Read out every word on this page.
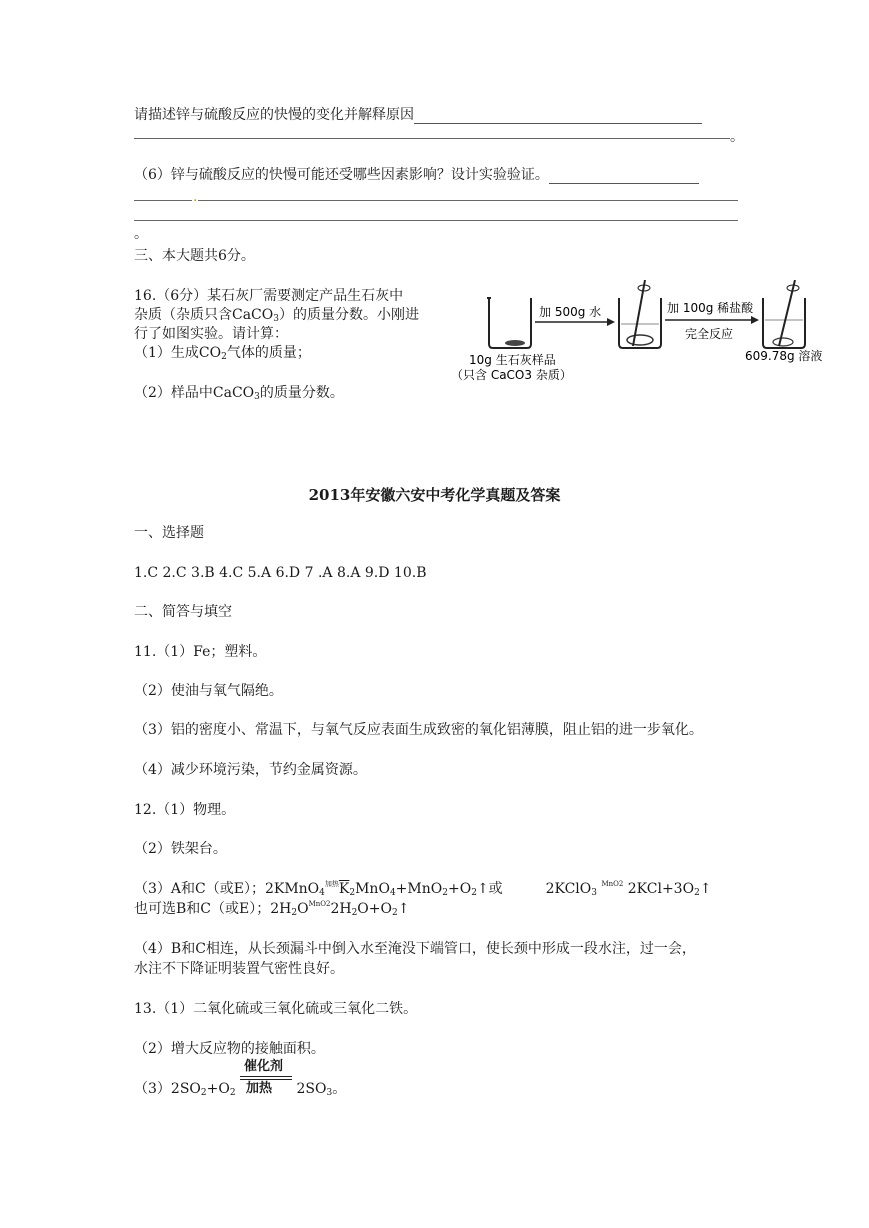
请描述锌与硫酸反应的快慢的变化并解释原因
。
（6）锌与硫酸反应的快慢可能还受哪些因素影响？设计实验验证。
.
。
三、本大题共6分。
16.（6分）某石灰厂需要测定产品生石灰中
杂质（杂质只含CaCO$_3$）的质量分数。小刚进
行了如图实验。请计算：
（1）生成$CO_2$气体的质量；
（2）样品中CaCO$_3$的质量分数。
加 500g 水	加 100g 稀盐酸
完全反应
10g 生石灰样品
（只含 CaCO3 杂质）
609.78g 溶液
2013年安徽六安中考化学真题及答案
一、选择题
1.C 2.C 3.B 4.C 5.A 6.D 7 .A 8.A 9.D 10.B
二、简答与填空
11.（1）Fe；塑料。
（2）使油与氧气隔绝。
（3）铝的密度小、常温下，与氧气反应表面生成致密的氧化铝薄膜，阻止铝的进一步氧化。
（4）减少环境污染，节约金属资源。
12.（1）物理。
（2）铁架台。
（3）A和C（或E）；$2KMnO_4^{加热}\overline{K}_2MnO_4+MnO_2+O_2↑$或	2KClO$_3$ $^{MnO2}$ $2KCl+3O_2↑$
也可选B和C（或E）；$2H_2O^{MnO2}2H_2O+O_2↑$
（4）B和C相连，从长颈漏斗中倒入水至淹没下端管口，使长颈中形成一段水注，过一会，
水注不下降证明装置气密性良好。
13.（1）二氧化硫或三氧化硫或三氧化二铁。
（2）增大反应物的接触面积。
$(3)2SO_2+O_2$
催化剂
加热 $2SO_3$。
